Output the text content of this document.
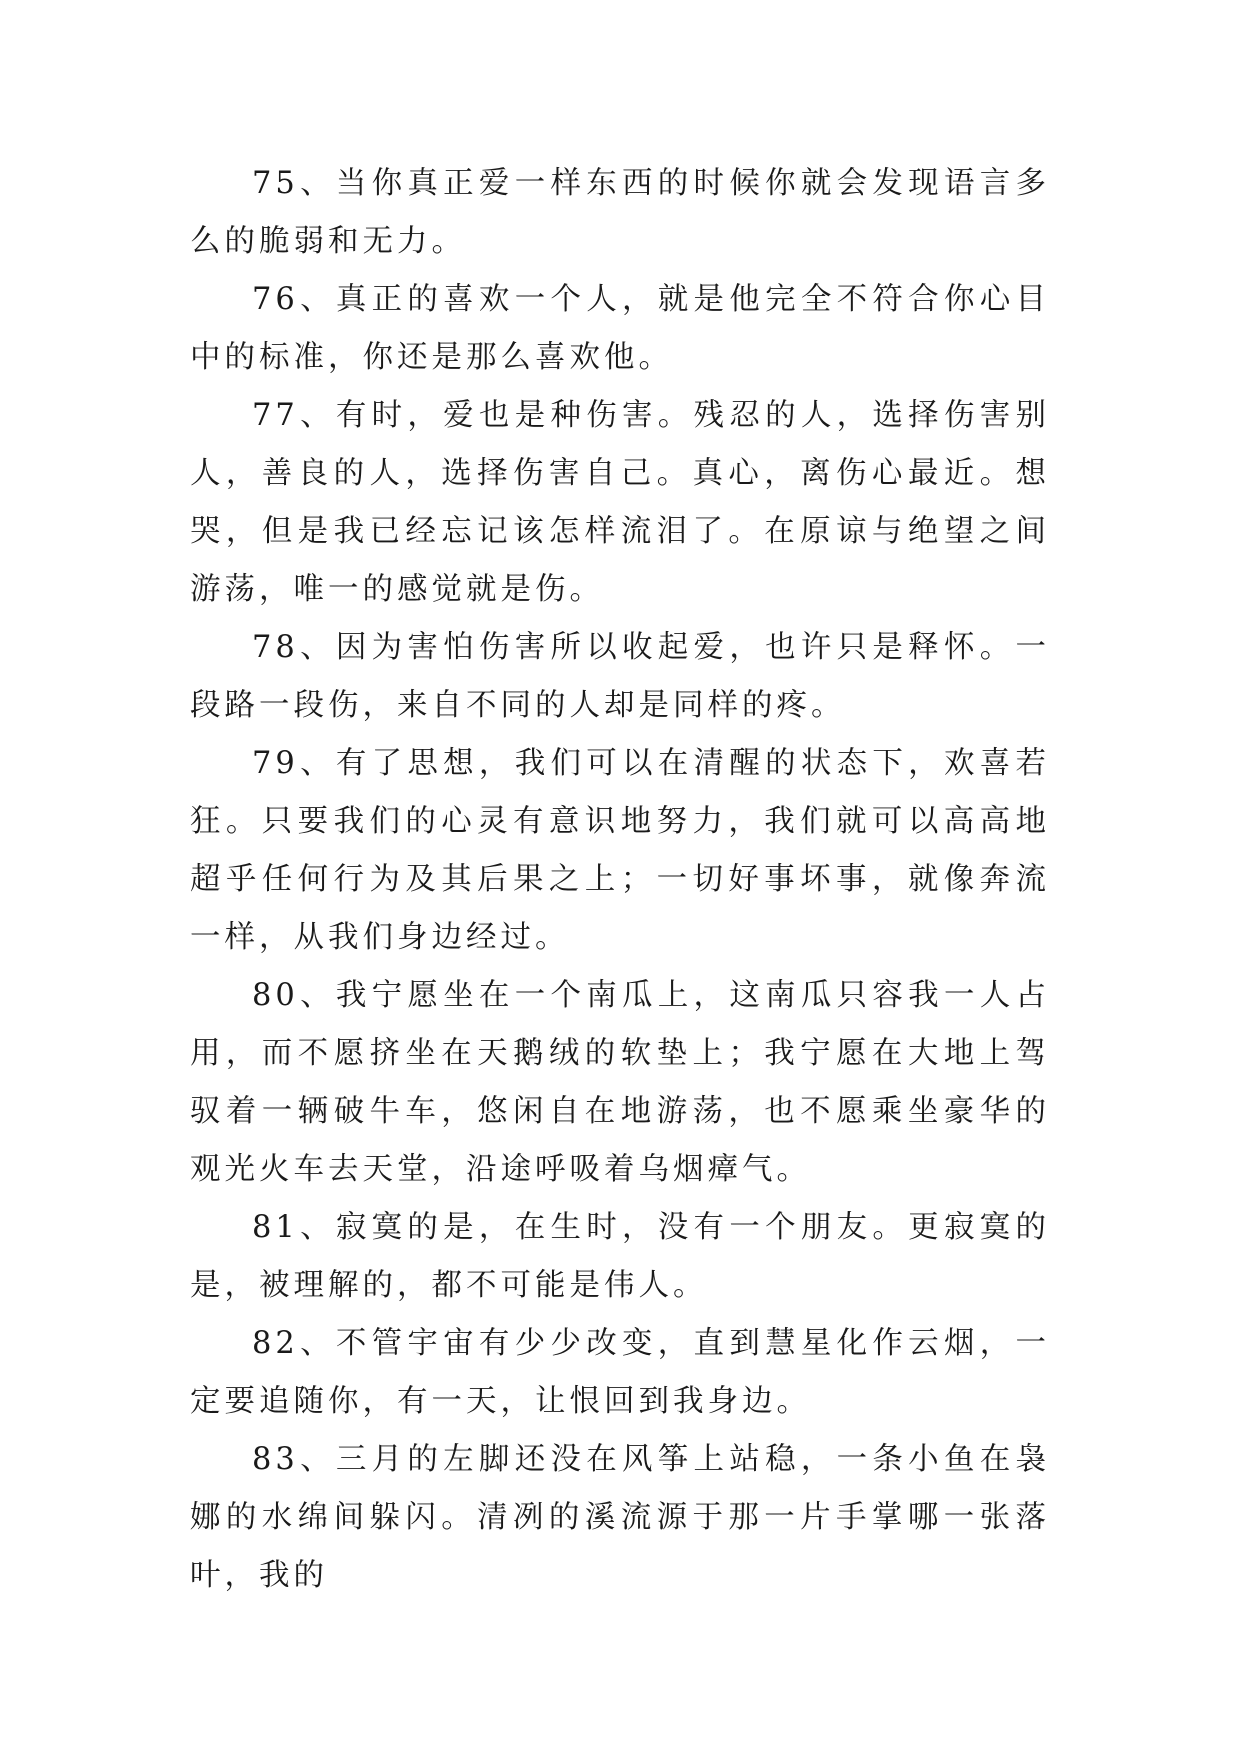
75、当你真正爱一样东西的时候你就会发现语言多么的脆弱和无力。

76、真正的喜欢一个人，就是他完全不符合你心目中的标准，你还是那么喜欢他。

77、有时，爱也是种伤害。残忍的人，选择伤害别人，善良的人，选择伤害自己。真心，离伤心最近。想哭，但是我已经忘记该怎样流泪了。在原谅与绝望之间游荡，唯一的感觉就是伤。

78、因为害怕伤害所以收起爱，也许只是释怀。一段路一段伤，来自不同的人却是同样的疼。

79、有了思想，我们可以在清醒的状态下，欢喜若狂。只要我们的心灵有意识地努力，我们就可以高高地超乎任何行为及其后果之上；一切好事坏事，就像奔流一样，从我们身边经过。

80、我宁愿坐在一个南瓜上，这南瓜只容我一人占用，而不愿挤坐在天鹅绒的软垫上；我宁愿在大地上驾驭着一辆破牛车，悠闲自在地游荡，也不愿乘坐豪华的观光火车去天堂，沿途呼吸着乌烟瘴气。

81、寂寞的是，在生时，没有一个朋友。更寂寞的是，被理解的，都不可能是伟人。

82、不管宇宙有少少改变，直到慧星化作云烟，一定要追随你，有一天，让恨回到我身边。

83、三月的左脚还没在风筝上站稳，一条小鱼在袅娜的水绵间躲闪。清冽的溪流源于那一片手掌哪一张落叶，我的
